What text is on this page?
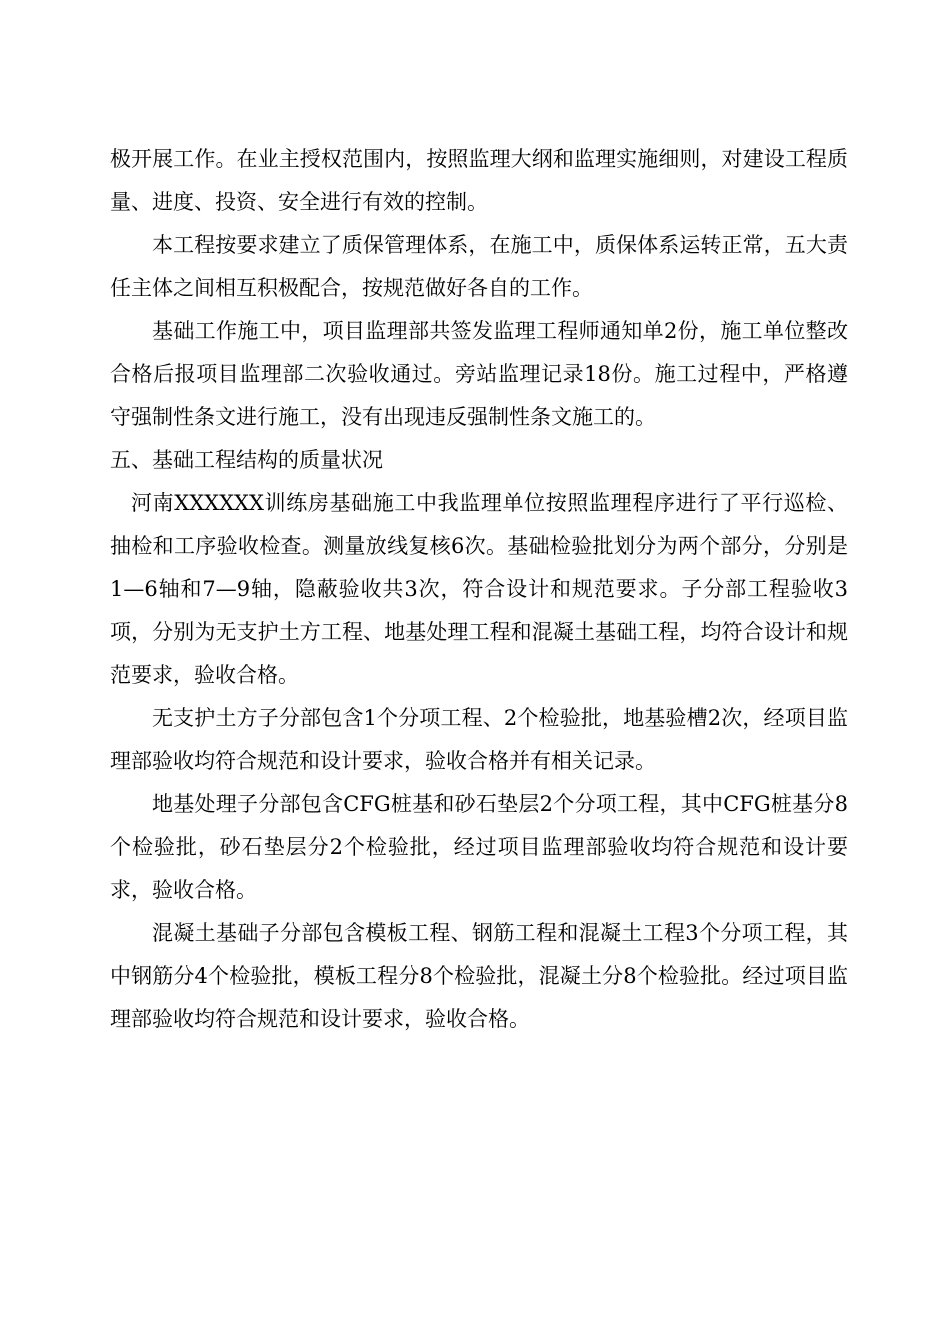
极开展工作。在业主授权范围内，按照监理大纲和监理实施细则，对建设工程质量、进度、投资、安全进行有效的控制。

本工程按要求建立了质保管理体系，在施工中，质保体系运转正常，五大责任主体之间相互积极配合，按规范做好各自的工作。

基础工作施工中，项目监理部共签发监理工程师通知单2份，施工单位整改合格后报项目监理部二次验收通过。旁站监理记录18份。施工过程中，严格遵守强制性条文进行施工，没有出现违反强制性条文施工的。

五、基础工程结构的质量状况

河南XXXXXX训练房基础施工中我监理单位按照监理程序进行了平行巡检、抽检和工序验收检查。测量放线复核6次。基础检验批划分为两个部分，分别是1—6轴和7—9轴，隐蔽验收共3次，符合设计和规范要求。子分部工程验收3项，分别为无支护土方工程、地基处理工程和混凝土基础工程，均符合设计和规范要求，验收合格。

无支护土方子分部包含1个分项工程、2个检验批，地基验槽2次，经项目监理部验收均符合规范和设计要求，验收合格并有相关记录。

地基处理子分部包含CFG桩基和砂石垫层2个分项工程，其中CFG桩基分8个检验批，砂石垫层分2个检验批，经过项目监理部验收均符合规范和设计要求，验收合格。

混凝土基础子分部包含模板工程、钢筋工程和混凝土工程3个分项工程，其中钢筋分4个检验批，模板工程分8个检验批，混凝土分8个检验批。经过项目监理部验收均符合规范和设计要求，验收合格。
